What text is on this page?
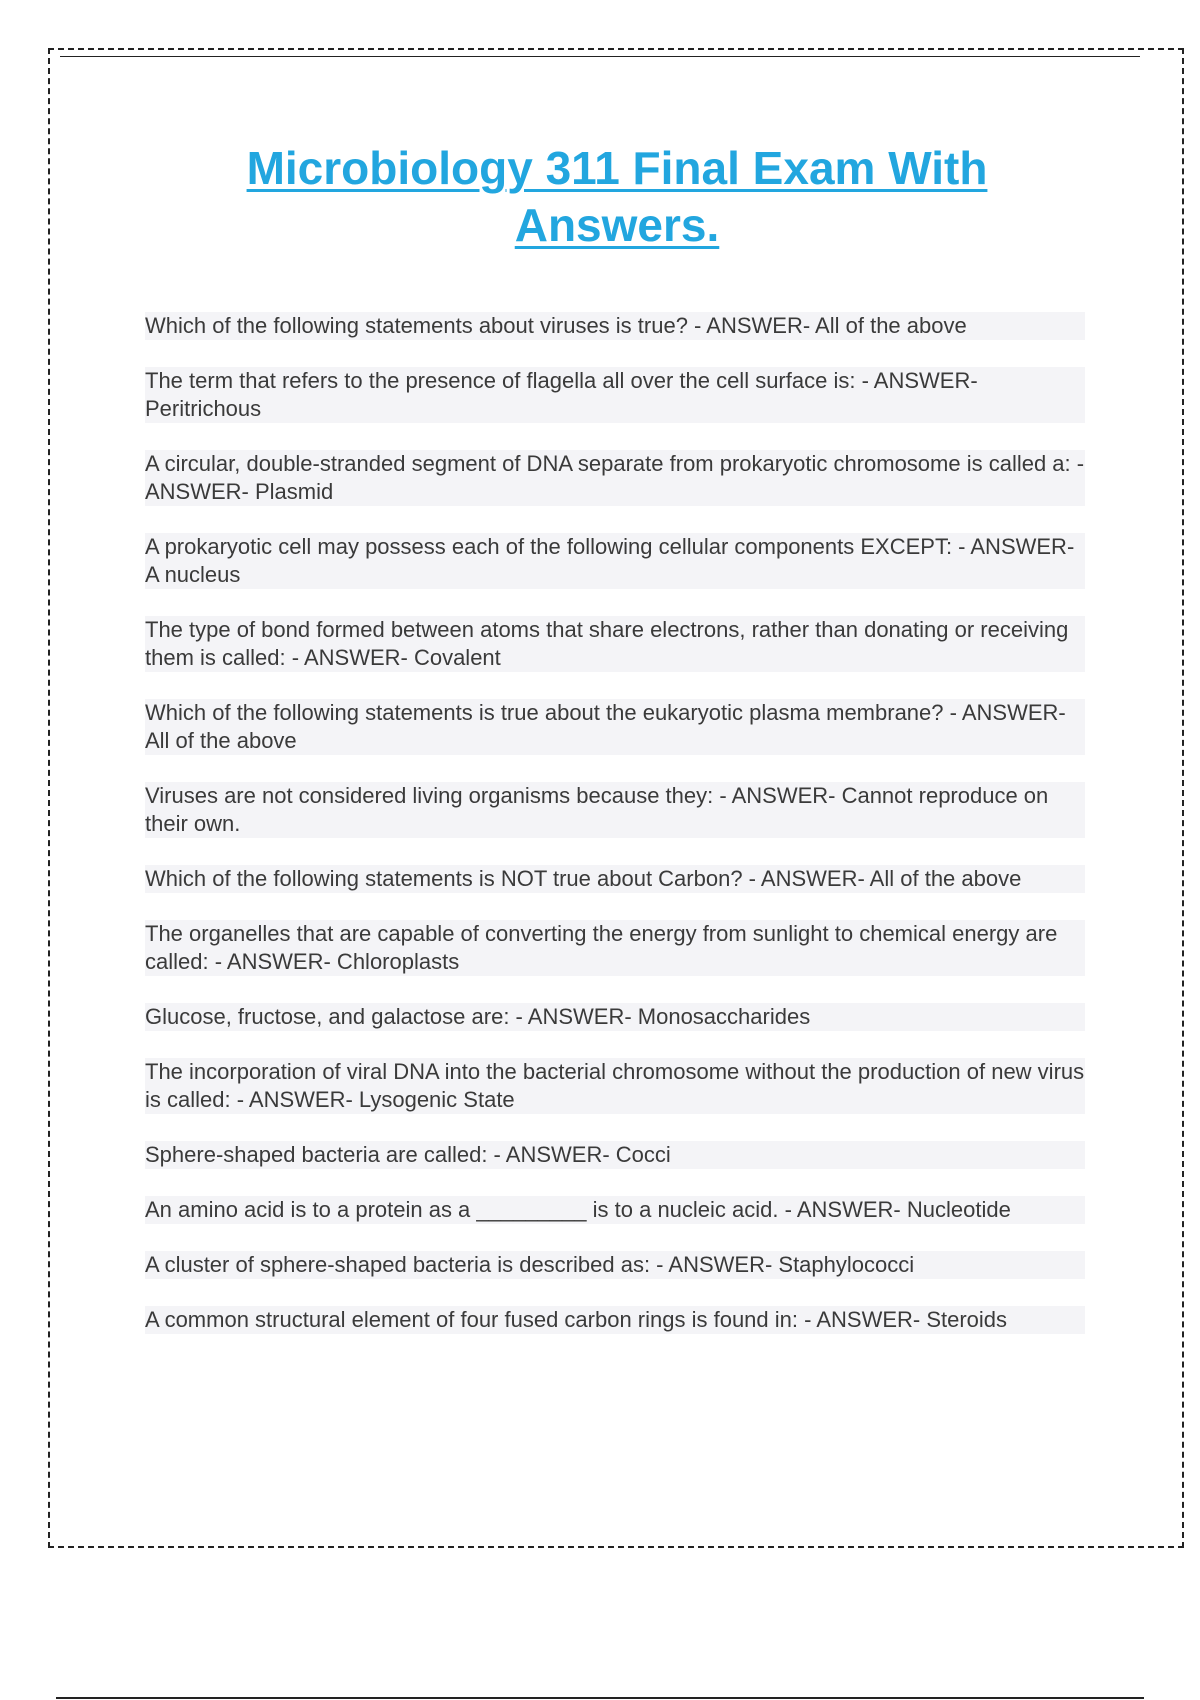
Microbiology 311 Final Exam With Answers.
Which of the following statements about viruses is true? - ANSWER- All of the above
The term that refers to the presence of flagella all over the cell surface is: - ANSWER- Peritrichous
A circular, double-stranded segment of DNA separate from prokaryotic chromosome is called a: - ANSWER- Plasmid
A prokaryotic cell may possess each of the following cellular components EXCEPT: - ANSWER- A nucleus
The type of bond formed between atoms that share electrons, rather than donating or receiving them is called: - ANSWER- Covalent
Which of the following statements is true about the eukaryotic plasma membrane? - ANSWER- All of the above
Viruses are not considered living organisms because they: - ANSWER- Cannot reproduce on their own.
Which of the following statements is NOT true about Carbon? - ANSWER- All of the above
The organelles that are capable of converting the energy from sunlight to chemical energy are called: - ANSWER- Chloroplasts
Glucose, fructose, and galactose are: - ANSWER- Monosaccharides
The incorporation of viral DNA into the bacterial chromosome without the production of new virus is called: - ANSWER- Lysogenic State
Sphere-shaped bacteria are called: - ANSWER- Cocci
An amino acid is to a protein as a _________ is to a nucleic acid. - ANSWER- Nucleotide
A cluster of sphere-shaped bacteria is described as: - ANSWER- Staphylococci
A common structural element of four fused carbon rings is found in: - ANSWER- Steroids
